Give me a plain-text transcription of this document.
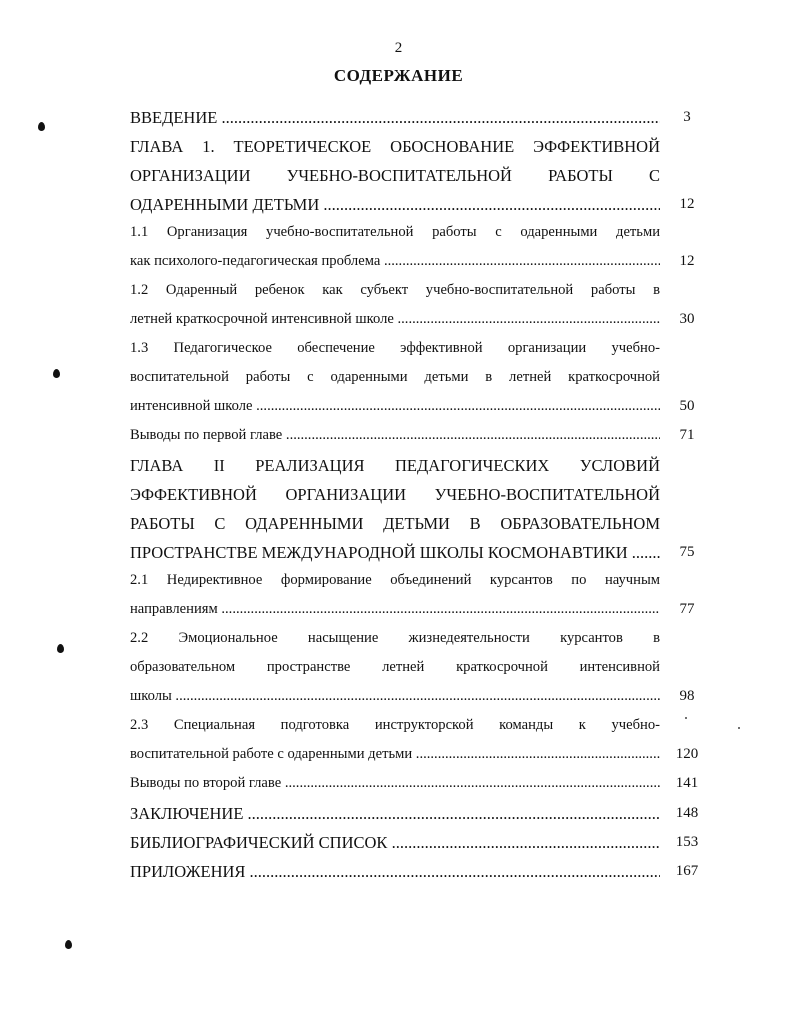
2
СОДЕРЖАНИЕ
ВВЕДЕНИЕ .....	3
ГЛАВА 1. ТЕОРЕТИЧЕСКОЕ ОБОСНОВАНИЕ ЭФФЕКТИВНОЙ
ОРГАНИЗАЦИИ УЧЕБНО-ВОСПИТАТЕЛЬНОЙ РАБОТЫ С
ОДАРЕННЫМИ ДЕТЬМИ .....	12
1.1 Организация учебно-воспитательной работы с одаренными детьми
как психолого-педагогическая проблема .....	12
1.2 Одаренный ребенок как субъект учебно-воспитательной работы в
летней краткосрочной интенсивной школе .....	30
1.3 Педагогическое обеспечение эффективной организации учебно-
воспитательной работы с одаренными детьми в летней краткосрочной
интенсивной школе .....	50
Выводы по первой главе .....	71
ГЛАВА II РЕАЛИЗАЦИЯ ПЕДАГОГИЧЕСКИХ УСЛОВИЙ
ЭФФЕКТИВНОЙ ОРГАНИЗАЦИИ УЧЕБНО-ВОСПИТАТЕЛЬНОЙ
РАБОТЫ С ОДАРЕННЫМИ ДЕТЬМИ В ОБРАЗОВАТЕЛЬНОМ
ПРОСТРАНСТВЕ МЕЖДУНАРОДНОЙ ШКОЛЫ КОСМОНАВТИКИ .....	75
2.1 Недирективное формирование объединений курсантов по научным
направлениям .....	77
2.2 Эмоциональное насыщение жизнедеятельности курсантов в
образовательном пространстве летней краткосрочной интенсивной
школы .....	98
2.3 Специальная подготовка инструкторской команды к учебно-
воспитательной работе с одаренными детьми .....	120
Выводы по второй главе .....	141
ЗАКЛЮЧЕНИЕ .....	148
БИБЛИОГРАФИЧЕСКИЙ СПИСОК .....	153
ПРИЛОЖЕНИЯ .....	167
